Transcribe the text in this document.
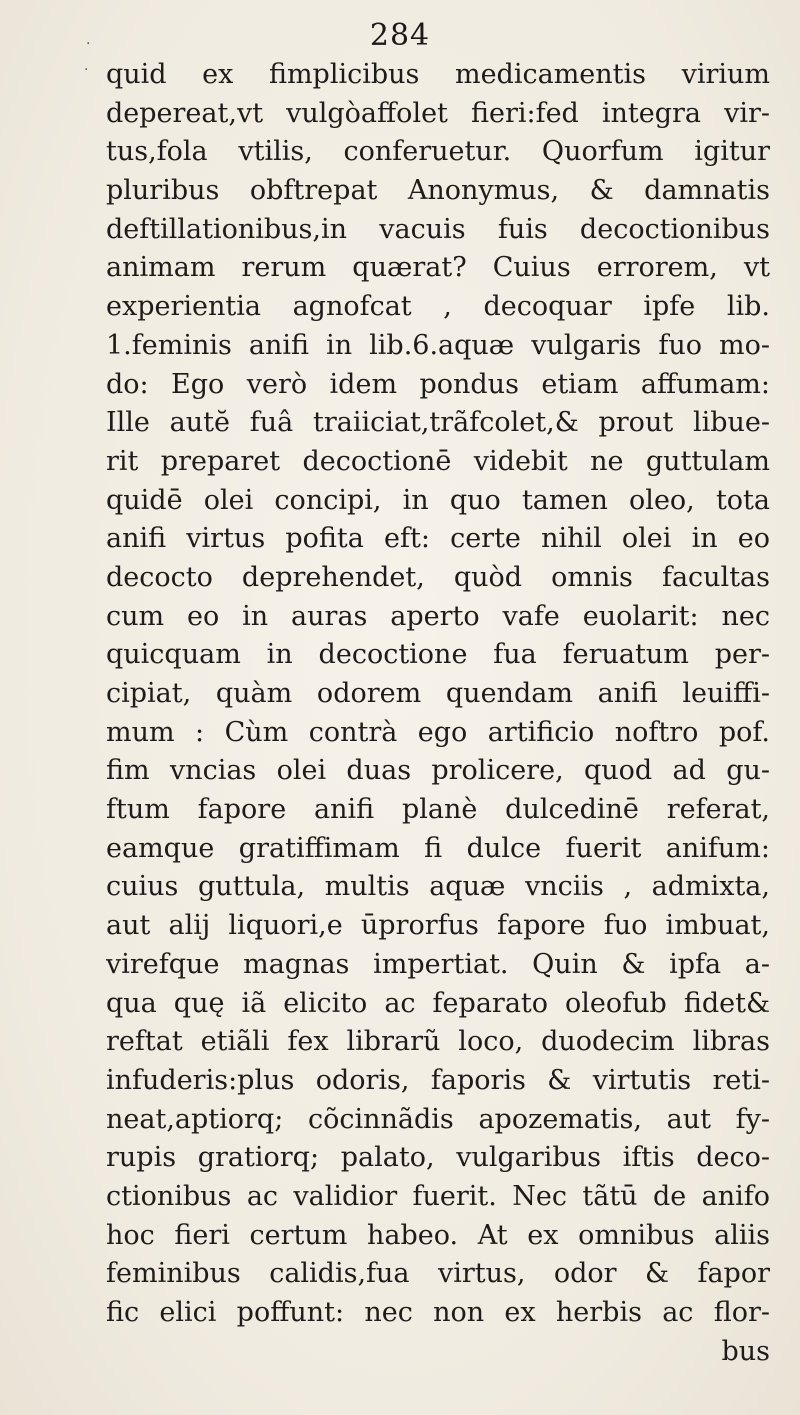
284
·
· quid ex fimplicibus medicamentis virium
depereat,vt vulgòaffolet fieri:fed integra vir-
tus,fola vtilis, conferuetur. Quorfum igitur
pluribus obftrepat Anonymus, & damnatis
deftillationibus,in vacuis fuis decoctionibus
animam rerum quærat? Cuius errorem, vt
experientia agnofcat , decoquar ipfe lib.
1.feminis anifi in lib.6.aquæ vulgaris fuo mo-
do: Ego verò idem pondus etiam affumam:
Ille autĕ fuâ traiiciat,trãfcolet,& prout libue-
rit preparet decoctionē videbit ne guttulam
quidē olei concipi, in quo tamen oleo, tota
anifi virtus pofita eft: certe nihil olei in eo
decocto deprehendet, quòd omnis facultas
cum eo in auras aperto vafe euolarit: nec
quicquam in decoctione fua feruatum per-
cipiat, quàm odorem quendam anifi leuiffi-
mum : Cùm contrà ego artificio noftro pof.
fim vncias olei duas prolicere, quod ad gu-
ftum fapore anifi planè dulcedinē referat,
eamque gratiffimam fi dulce fuerit anifum:
cuius guttula, multis aquæ vnciis , admixta,
aut alij liquori,e ūprorfus fapore fuo imbuat,
virefque magnas impertiat. Quin & ipfa a-
qua quę iã elicito ac feparato oleofub fidet&
reftat etiãli fex librarũ loco, duodecim libras
infuderis:plus odoris, faporis & virtutis reti-
neat,aptiorq; cõcinnãdis apozematis, aut fy-
rupis gratiorq; palato, vulgaribus iftis deco-
ctionibus ac validior fuerit. Nec tãtū de anifo
hoc fieri certum habeo. At ex omnibus aliis
feminibus calidis,fua virtus, odor & fapor
fic elici poffunt: nec non ex herbis ac flor-
bus
